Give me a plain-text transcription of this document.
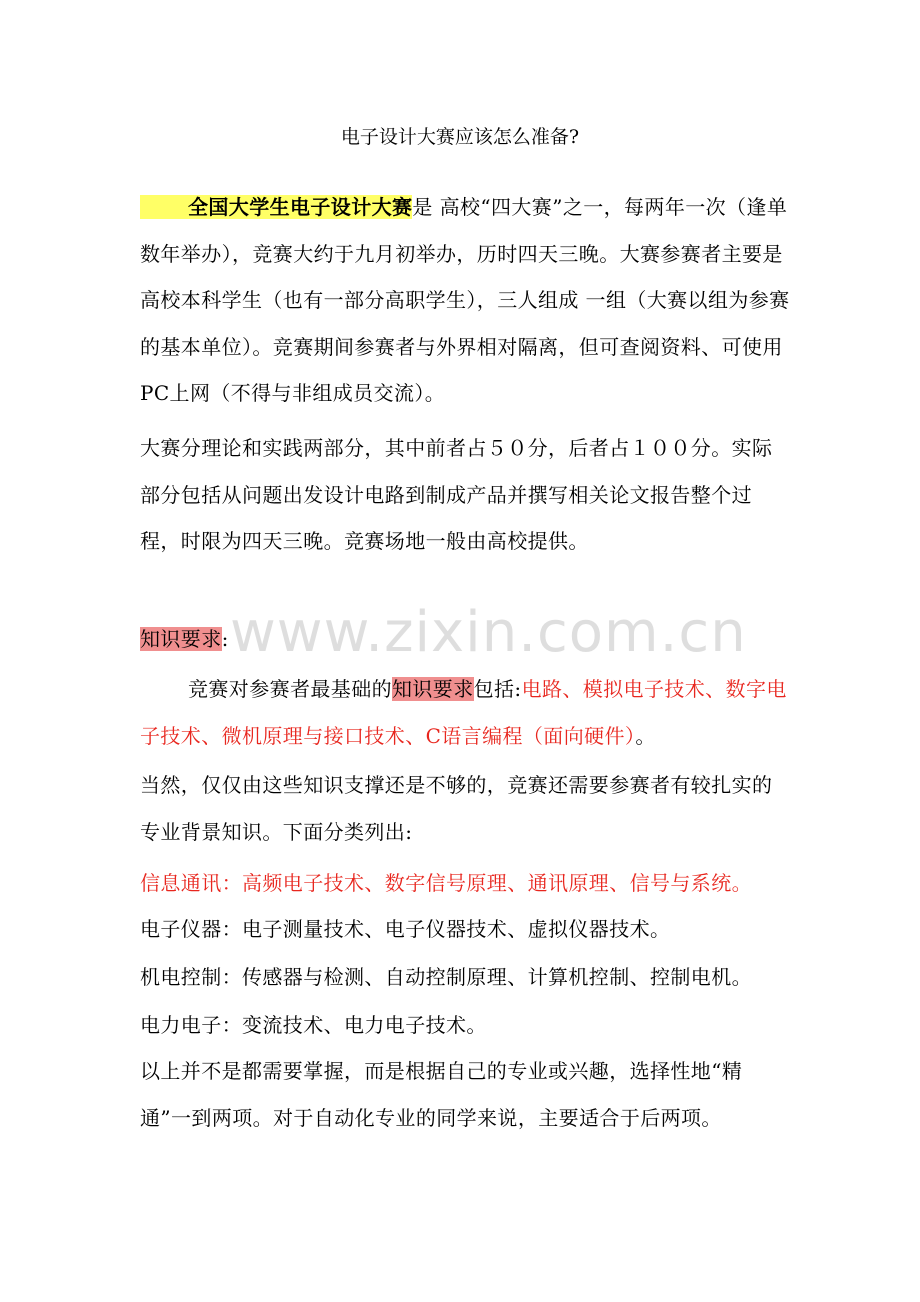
电子设计大赛应该怎么准备?
全国大学生电子设计大赛是 高校“四大赛”之一，每两年一次（逢单数年举办），竞赛大约于九月初举办，历时四天三晚。大赛参赛者主要是高校本科学生（也有一部分高职学生），三人组成 一组（大赛以组为参赛的基本单位）。竞赛期间参赛者与外界相对隔离，但可查阅资料、可使用PC上网（不得与非组成员交流）。
大赛分理论和实践两部分，其中前者占５０分，后者占１００分。实际部分包括从问题出发设计电路到制成产品并撰写相关论文报告整个过程，时限为四天三晚。竞赛场地一般由高校提供。
知识要求:
竞赛对参赛者最基础的知识要求包括:电路、模拟电子技术、数字电子技术、微机原理与接口技术、C语言编程（面向硬件）。
当然，仅仅由这些知识支撑还是不够的，竞赛还需要参赛者有较扎实的专业背景知识。下面分类列出:
信息通讯：高频电子技术、数字信号原理、通讯原理、信号与系统。
电子仪器：电子测量技术、电子仪器技术、虚拟仪器技术。
机电控制：传感器与检测、自动控制原理、计算机控制、控制电机。
电力电子：变流技术、电力电子技术。
以上并不是都需要掌握，而是根据自己的专业或兴趣，选择性地“精通”一到两项。对于自动化专业的同学来说，主要适合于后两项。
www.zixin.com.cn
